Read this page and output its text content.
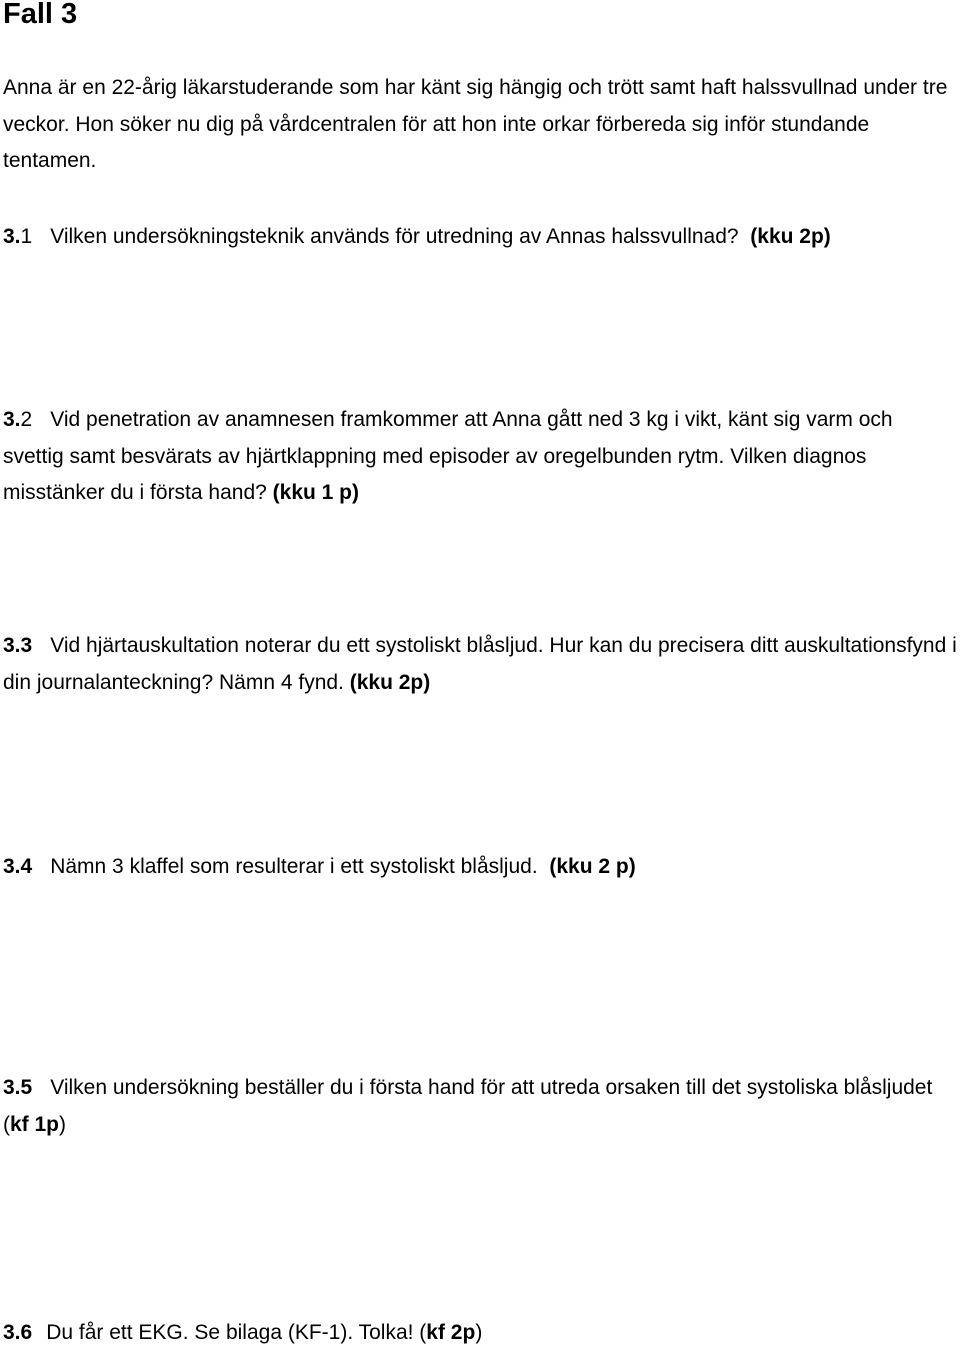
Fall 3

Anna är en 22-årig läkarstuderande som har känt sig hängig och trött samt haft halssvullnad under tre veckor. Hon söker nu dig på vårdcentralen för att hon inte orkar förbereda sig inför stundande tentamen.

3.1 Vilken undersökningsteknik används för utredning av Annas halssvullnad? (kku 2p)

3.2 Vid penetration av anamnesen framkommer att Anna gått ned 3 kg i vikt, känt sig varm och svettig samt besvärats av hjärtklappning med episoder av oregelbunden rytm. Vilken diagnos misstänker du i första hand? (kku 1 p)

3.3 Vid hjärtauskultation noterar du ett systoliskt blåsljud. Hur kan du precisera ditt auskultationsfynd i din journalanteckning? Nämn 4 fynd. (kku 2p)

3.4 Nämn 3 klaffel som resulterar i ett systoliskt blåsljud. (kku 2 p)

3.5 Vilken undersökning beställer du i första hand för att utreda orsaken till det systoliska blåsljudet (kf 1p)

3.6 Du får ett EKG. Se bilaga (KF-1). Tolka! (kf 2p)
